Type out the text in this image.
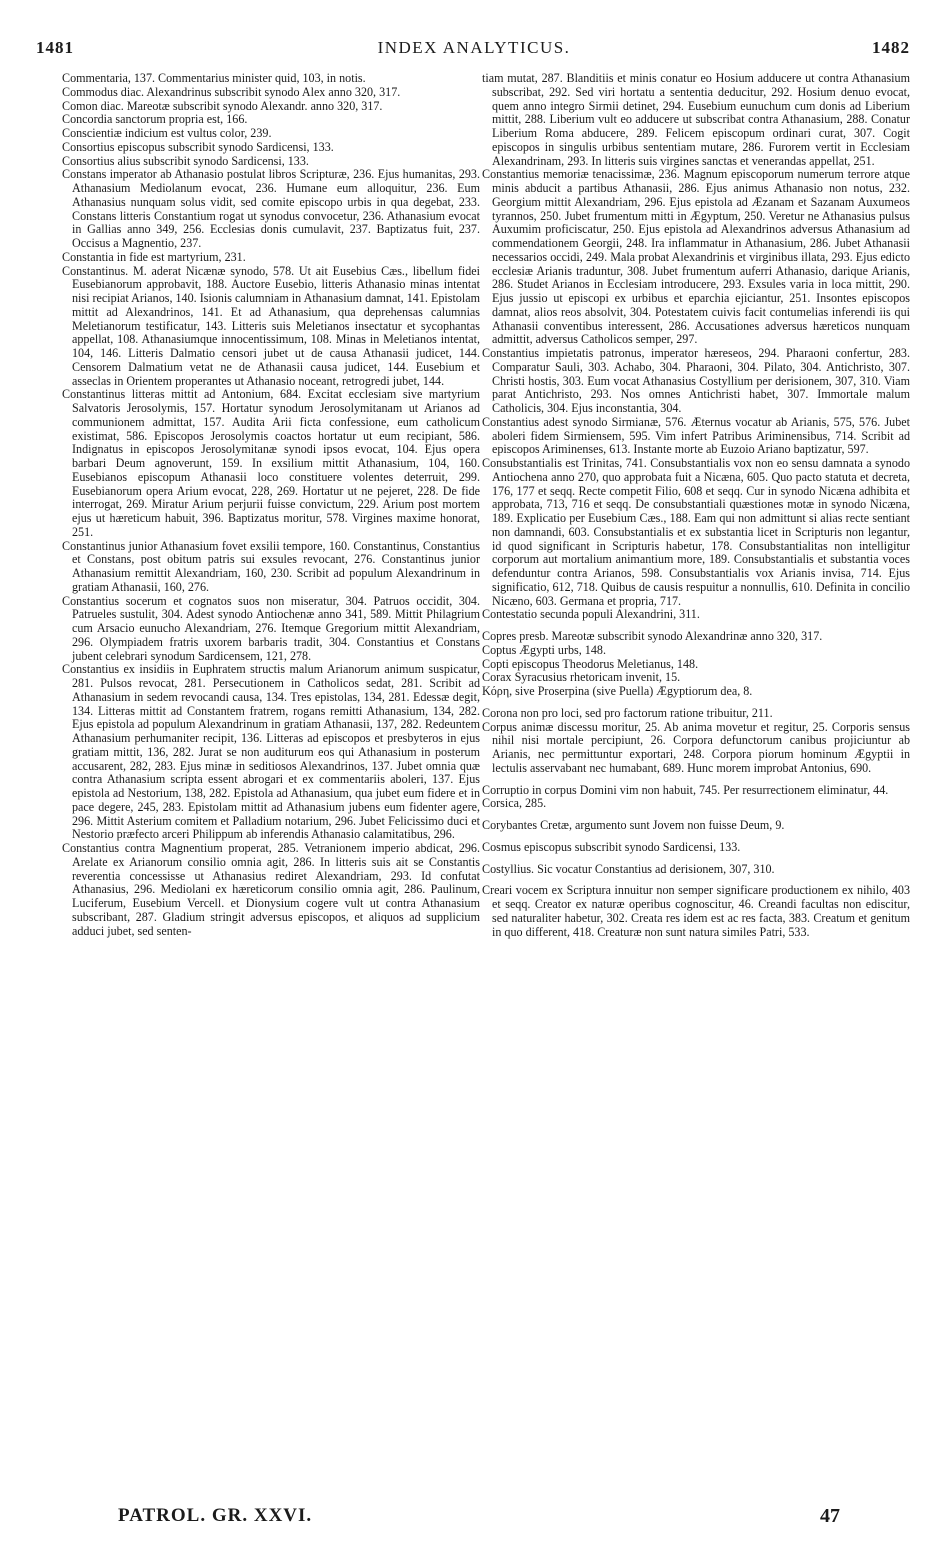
1481	INDEX ANALYTICUS.	1482

Commentaria, 137. Commentarius minister quid, 103, in notis.

Commodus diac. Alexandrinus subscribit synodo Alex anno 320, 317.

Comon diac. Mareotæ subscribit synodo Alexandr. anno 320, 317.

Concordia sanctorum propria est, 166.

Conscientiæ indicium est vultus color, 239.

Consortius episcopus subscribit synodo Sardicensi, 133.

Consortius alius subscribit synodo Sardicensi, 133.

Constans imperator ab Athanasio postulat libros Scripturæ, 236. Ejus humanitas, 293. Athanasium Mediolanum evocat, 236. Humane eum alloquitur, 236. Eum Athanasius nunquam solus vidit, sed comite episcopo urbis in qua degebat, 233. Constans litteris Constantium rogat ut synodus convocetur, 236. Athanasium evocat in Gallias anno 349, 256. Ecclesias donis cumulavit, 237. Baptizatus fuit, 237. Occisus a Magnentio, 237.

Constantia in fide est martyrium, 231.

Constantinus. M. aderat Nicænæ synodo, 578. Ut ait Eusebius Cæs., libellum fidei Eusebianorum approbavit, 188. Auctore Eusebio, litteris Athanasio minas intentat nisi recipiat Arianos, 140. Isionis calumniam in Athanasium damnat, 141. Epistolam mittit ad Alexandrinos, 141. Et ad Athanasium, qua deprehensas calumnias Meletianorum testificatur, 143. Litteris suis Meletianos insectatur et sycophantas appellat, 108. Athanasiumque innocentissimum, 108. Minas in Meletianos intentat, 104, 146. Litteris Dalmatio censori jubet ut de causa Athanasii judicet, 144. Censorem Dalmatium vetat ne de Athanasii causa judicet, 144. Eusebium et asseclas in Orientem properantes ut Athanasio noceant, retrogredi jubet, 144.

Constantinus litteras mittit ad Antonium, 684. Excitat ecclesiam sive martyrium Salvatoris Jerosolymis, 157. Hortatur synodum Jerosolymitanam ut Arianos ad communionem admittat, 157. Audita Arii ficta confessione, eum catholicum existimat, 586. Episcopos Jerosolymis coactos hortatur ut eum recipiant, 586. Indignatus in episcopos Jerosolymitanæ synodi ipsos evocat, 104. Ejus opera barbari Deum agnoverunt, 159. In exsilium mittit Athanasium, 104, 160. Eusebianos episcopum Athanasii loco constituere volentes deterruit, 299. Eusebianorum opera Arium evocat, 228, 269. Hortatur ut ne pejeret, 228. De fide interrogat, 269. Miratur Arium perjurii fuisse convictum, 229. Arium post mortem ejus ut hæreticum habuit, 396. Baptizatus moritur, 578. Virgines maxime honorat, 251.

Constantinus junior Athanasium fovet exsilii tempore, 160. Constantinus, Constantius et Constans, post obitum patris sui exsules revocant, 276. Constantinus junior Athanasium remittit Alexandriam, 160, 230. Scribit ad populum Alexandrinum in gratiam Athanasii, 160, 276.

Constantius socerum et cognatos suos non miseratur, 304. Patruos occidit, 304. Patrueles sustulit, 304. Adest synodo Antiochenæ anno 341, 589. Mittit Philagrium cum Arsacio eunucho Alexandriam, 276. Itemque Gregorium mittit Alexandriam, 296. Olympiadem fratris uxorem barbaris tradit, 304. Constantius et Constans jubent celebrari synodum Sardicensem, 121, 278.

Constantius ex insidiis in Euphratem structis malum Arianorum animum suspicatur, 281. Pulsos revocat, 281. Persecutionem in Catholicos sedat, 281. Scribit ad Athanasium in sedem revocandi causa, 134. Tres epistolas, 134, 281. Edessæ degit, 134. Litteras mittit ad Constantem fratrem, rogans remitti Athanasium, 134, 282. Ejus epistola ad populum Alexandrinum in gratiam Athanasii, 137, 282. Redeuntem Athanasium perhumaniter recipit, 136. Litteras ad episcopos et presbyteros in ejus gratiam mittit, 136, 282. Jurat se non auditurum eos qui Athanasium in posterum accusarent, 282, 283. Ejus minæ in seditiosos Alexandrinos, 137. Jubet omnia quæ contra Athanasium scripta essent abrogari et ex commentariis aboleri, 137. Ejus epistola ad Nestorium, 138, 282. Epistola ad Athanasium, qua jubet eum fidere et in pace degere, 245, 283. Epistolam mittit ad Athanasium jubens eum fidenter agere, 296. Mittit Asterium comitem et Palladium notarium, 296. Jubet Felicissimo duci et Nestorio præfecto arceri Philippum ab inferendis Athanasio calamitatibus, 296.

Constantius contra Magnentium properat, 285. Vetranionem imperio abdicat, 296. Arelate ex Arianorum consilio omnia agit, 286. In litteris suis ait se Constantis reverentia concessisse ut Athanasius rediret Alexandriam, 293. Id confutat Athanasius, 296. Mediolani ex hæreticorum consilio omnia agit, 286. Paulinum, Luciferum, Eusebium Vercell. et Dionysium cogere vult ut contra Athanasium subscribant, 287. Gladium stringit adversus episcopos, et aliquos ad supplicium adduci jubet, sed senten-

tiam mutat, 287. Blanditiis et minis conatur eo Hosium adducere ut contra Athanasium subscribat, 292. Sed viri hortatu a sententia deducitur, 292. Hosium denuo evocat, quem anno integro Sirmii detinet, 294. Eusebium eunuchum cum donis ad Liberium mittit, 288. Liberium vult eo adducere ut subscribat contra Athanasium, 288. Conatur Liberium Roma abducere, 289. Felicem episcopum ordinari curat, 307. Cogit episcopos in singulis urbibus sententiam mutare, 286. Furorem vertit in Ecclesiam Alexandrinam, 293. In litteris suis virgines sanctas et venerandas appellat, 251.

Constantius memoriæ tenacissimæ, 236. Magnum episcoporum numerum terrore atque minis abducit a partibus Athanasii, 286. Ejus animus Athanasio non notus, 232. Georgium mittit Alexandriam, 296. Ejus epistola ad Æzanam et Sazanam Auxumeos tyrannos, 250. Jubet frumentum mitti in Ægyptum, 250. Veretur ne Athanasius pulsus Auxumim proficiscatur, 250. Ejus epistola ad Alexandrinos adversus Athanasium ad commendationem Georgii, 248. Ira inflammatur in Athanasium, 286. Jubet Athanasii necessarios occidi, 249. Mala probat Alexandrinis et virginibus illata, 293. Ejus edicto ecclesiæ Arianis traduntur, 308. Jubet frumentum auferri Athanasio, darique Arianis, 286. Studet Arianos in Ecclesiam introducere, 293. Exsules varia in loca mittit, 290. Ejus jussio ut episcopi ex urbibus et eparchia ejiciantur, 251. Insontes episcopos damnat, alios reos absolvit, 304. Potestatem cuivis facit contumelias inferendi iis qui Athanasii conventibus interessent, 286. Accusationes adversus hæreticos nunquam admittit, adversus Catholicos semper, 297.

Constantius impietatis patronus, imperator hæreseos, 294. Pharaoni confertur, 283. Comparatur Sauli, 303. Achabo, 304. Pharaoni, 304. Pilato, 304. Antichristo, 307. Christi hostis, 303. Eum vocat Athanasius Costyllium per derisionem, 307, 310. Viam parat Antichristo, 293. Nos omnes Antichristi habet, 307. Immortale malum Catholicis, 304. Ejus inconstantia, 304.

Constantius adest synodo Sirmianæ, 576. Æternus vocatur ab Arianis, 575, 576. Jubet aboleri fidem Sirmiensem, 595. Vim infert Patribus Ariminensibus, 714. Scribit ad episcopos Ariminenses, 613. Instante morte ab Euzoio Ariano baptizatur, 597.

Consubstantialis est Trinitas, 741. Consubstantialis vox non eo sensu damnata a synodo Antiochena anno 270, quo approbata fuit a Nicæna, 605. Quo pacto statuta et decreta, 176, 177 et seqq. Recte competit Filio, 608 et seqq. Cur in synodo Nicæna adhibita et approbata, 713, 716 et seqq. De consubstantiali quæstiones motæ in synodo Nicæna, 189. Explicatio per Eusebium Cæs., 188. Eam qui non admittunt si alias recte sentiant non damnandi, 603. Consubstantialis et ex substantia licet in Scripturis non legantur, id quod significant in Scripturis habetur, 178. Consubstantialitas non intelligitur corporum aut mortalium animantium more, 189. Consubstantialis et substantia voces defenduntur contra Arianos, 598. Consubstantialis vox Arianis invisa, 714. Ejus significatio, 612, 718. Quibus de causis respuitur a nonnullis, 610. Definita in concilio Nicæno, 603. Germana et propria, 717.

Contestatio secunda populi Alexandrini, 311.

Copres presb. Mareotæ subscribit synodo Alexandrinæ anno 320, 317.

Coptus Ægypti urbs, 148.

Copti episcopus Theodorus Meletianus, 148.

Corax Syracusius rhetoricam invenit, 15.

Κόρη, sive Proserpina (sive Puella) Ægyptiorum dea, 8.

Corona non pro loci, sed pro factorum ratione tribuitur, 211.

Corpus animæ discessu moritur, 25. Ab anima movetur et regitur, 25. Corporis sensus nihil nisi mortale percipiunt, 26. Corpora defunctorum canibus projiciuntur ab Arianis, nec permittuntur exportari, 248. Corpora piorum hominum Ægyptii in lectulis asservabant nec humabant, 689. Hunc morem improbat Antonius, 690.

Corruptio in corpus Domini vim non habuit, 745. Per resurrectionem eliminatur, 44.

Corsica, 285.

Corybantes Cretæ, argumento sunt Jovem non fuisse Deum, 9.

Cosmus episcopus subscribit synodo Sardicensi, 133.

Costyllius. Sic vocatur Constantius ad derisionem, 307, 310.

Creari vocem ex Scriptura innuitur non semper significare productionem ex nihilo, 403 et seqq. Creator ex naturæ operibus cognoscitur, 46. Creandi facultas non ediscitur, sed naturaliter habetur, 302. Creata res idem est ac res facta, 383. Creatum et genitum in quo different, 418. Creaturæ non sunt natura similes Patri, 533.

PATROL. GR. XXVI.	47
